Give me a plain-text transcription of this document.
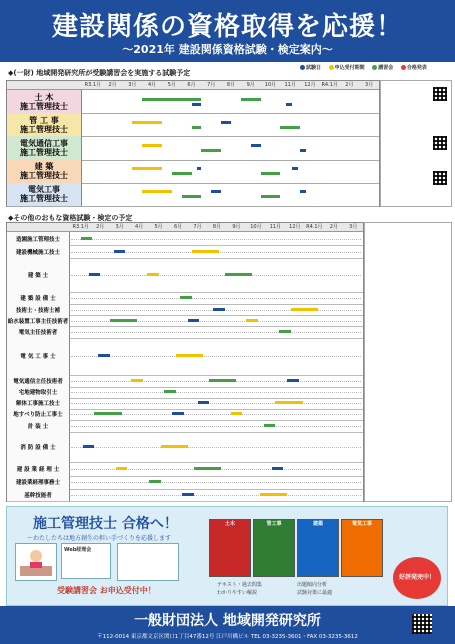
建設関係の資格取得を応援！
～2021年 建設関係資格試験・検定案内～
◆(一財) 地域開発研究所が受験講習会を実施する試験予定
試験日	申込受付期間	講習会	合格発表
R3.1月	2月	3月	4月	5月	6月	7月	8月	9月	10月	11月	12月	R4.1月	2月	3月
土 木
施工管理技士
管 工 事
施工管理技士
電気通信工事
施工管理技士
建 築
施工管理技士
電気工事
施工管理技士
◆その他のおもな資格試験・検定の予定
R3.1月	2月	3月	4月	5月	6月	7月	8月	9月	10月	11月	12月	R4.1月	2月	3月
造園施工管理技士
建設機械施工技士
建 築 士
建 築 設 備 士
技術士・技術士補
給水装置工事主任技術者
電気主任技術者
電 気 工 事 士
電気通信主任技術者
宅地建物取引士
解体工事施工技士
地すべり防止工事士
計 装 士
消 防 設 備 士
建 設 業 経 理 士
建設業経理事務士
基幹技能者
施工管理技士 合格へ！
～わたしたちは地方創生の担い手づくりを応援します
Web経理会
受験講習会 お申込受付中！
土木	管工事	建築	電気工事
テキスト・過去問集
わかりやすい解説
出題傾向分析
試験対策に最適
好評発売中！
一般財団法人 地域開発研究所
〒112-0014 東京都文京区関口1丁目47番12号 江戸川橋ビル TEL 03-3235-3601・FAX 03-3235-3612
